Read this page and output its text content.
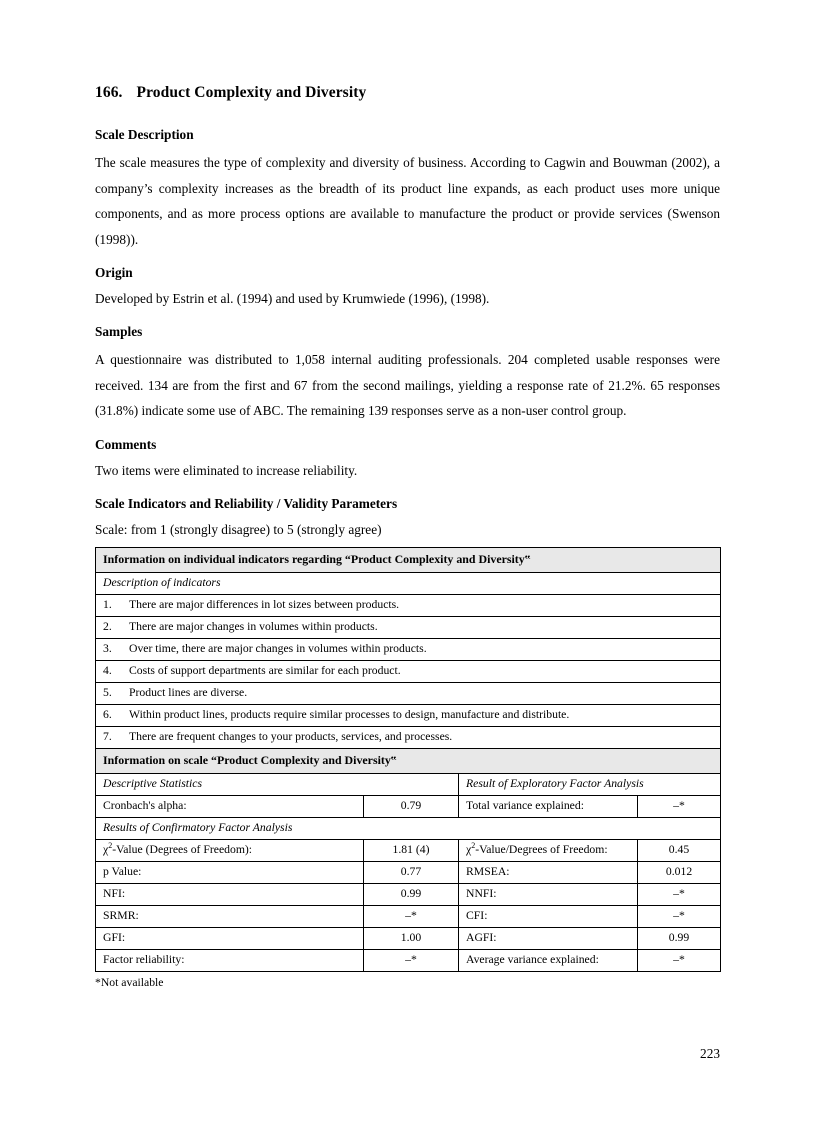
166. Product Complexity and Diversity
Scale Description

The scale measures the type of complexity and diversity of business. According to Cagwin and Bouwman (2002), a company’s complexity increases as the breadth of its product line expands, as each product uses more unique components, and as more process options are available to manufacture the product or provide services (Swenson (1998)).

Origin

Developed by Estrin et al. (1994) and used by Krumwiede (1996), (1998).

Samples

A questionnaire was distributed to 1,058 internal auditing professionals. 204 completed usable responses were received. 134 are from the first and 67 from the second mailings, yielding a response rate of 21.2%. 65 responses (31.8%) indicate some use of ABC. The remaining 139 responses serve as a non-user control group.

Comments

Two items were eliminated to increase reliability.

Scale Indicators and Reliability / Validity Parameters

Scale: from 1 (strongly disagree) to 5 (strongly agree)

Information on individual indicators regarding “Product Complexity and Diversity‟			
Description of indicators			
1. There are major differences in lot sizes between products.			
2. There are major changes in volumes within products.			
3. Over time, there are major changes in volumes within products.			
4. Costs of support departments are similar for each product.			
5. Product lines are diverse.			
6. Within product lines, products require similar processes to design, manufacture and distribute.			
7. There are frequent changes to your products, services, and processes.			
Information on scale “Product Complexity and Diversity‟			
Descriptive Statistics		Result of Exploratory Factor Analysis	
Cronbach's alpha:	0.79	Total variance explained:	–*
Results of Confirmatory Factor Analysis			
$\chi^2$-Value (Degrees of Freedom):	1.81 (4)	$\chi^2-Value$/Degrees of Freedom:	0.45
p Value:	0.77	RMSEA:	0.012
NFI:	0.99	NNFI:	–*
SRMR:	–*	CFI:	–*
GFI:	1.00	AGFI:	0.99
Factor reliability:	–*	Average variance explained:	–*
*Not available
223
